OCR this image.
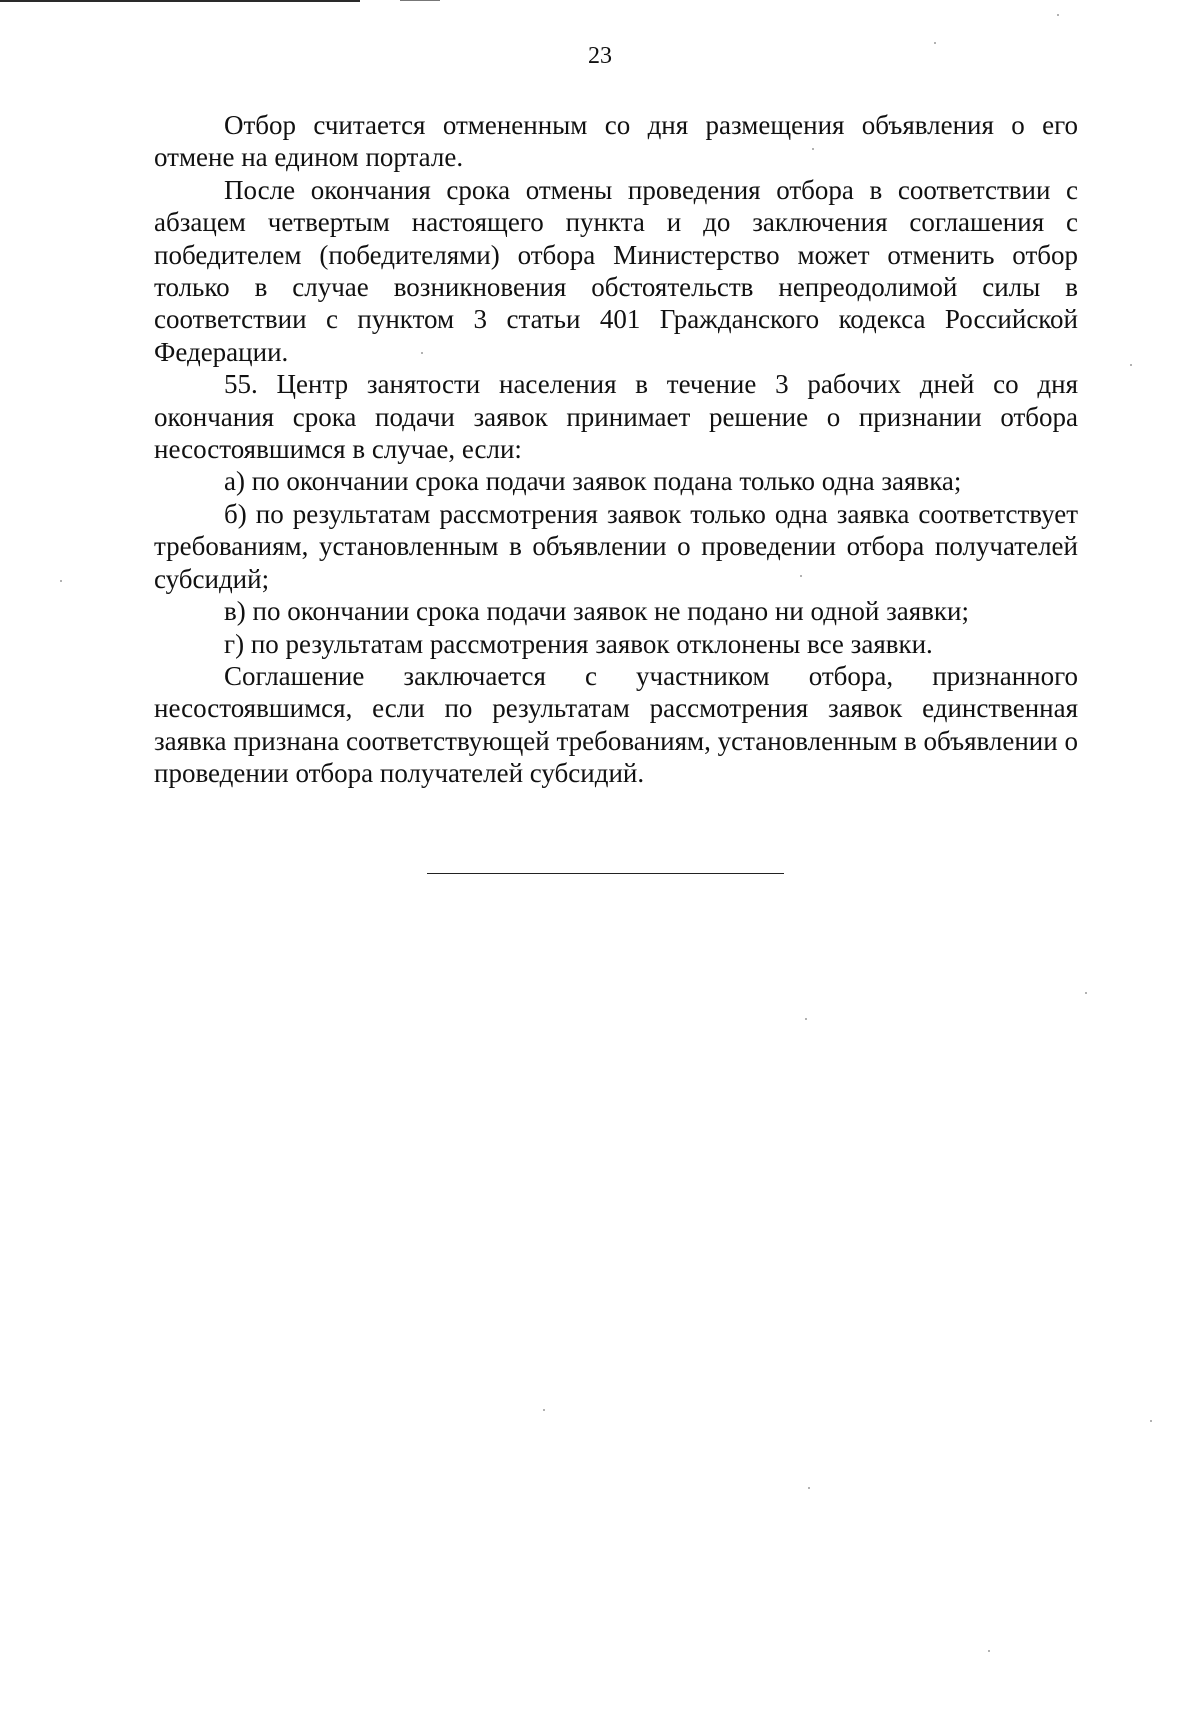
23

Отбор считается отмененным со дня размещения объявления о его отмене на едином портале.

После окончания срока отмены проведения отбора в соответствии с абзацем четвертым настоящего пункта и до заключения соглашения с победителем (победителями) отбора Министерство может отменить отбор только в случае возникновения обстоятельств непреодолимой силы в соответствии с пунктом 3 статьи 401 Гражданского кодекса Российской Федерации.

55. Центр занятости населения в течение 3 рабочих дней со дня окончания срока подачи заявок принимает решение о признании отбора несостоявшимся в случае, если:

а) по окончании срока подачи заявок подана только одна заявка;

б) по результатам рассмотрения заявок только одна заявка соответствует требованиям, установленным в объявлении о проведении отбора получателей субсидий;

в) по окончании срока подачи заявок не подано ни одной заявки;

г) по результатам рассмотрения заявок отклонены все заявки.

Соглашение заключается с участником отбора, признанного несостоявшимся, если по результатам рассмотрения заявок единственная заявка признана соответствующей требованиям, установленным в объявлении о проведении отбора получателей субсидий.
